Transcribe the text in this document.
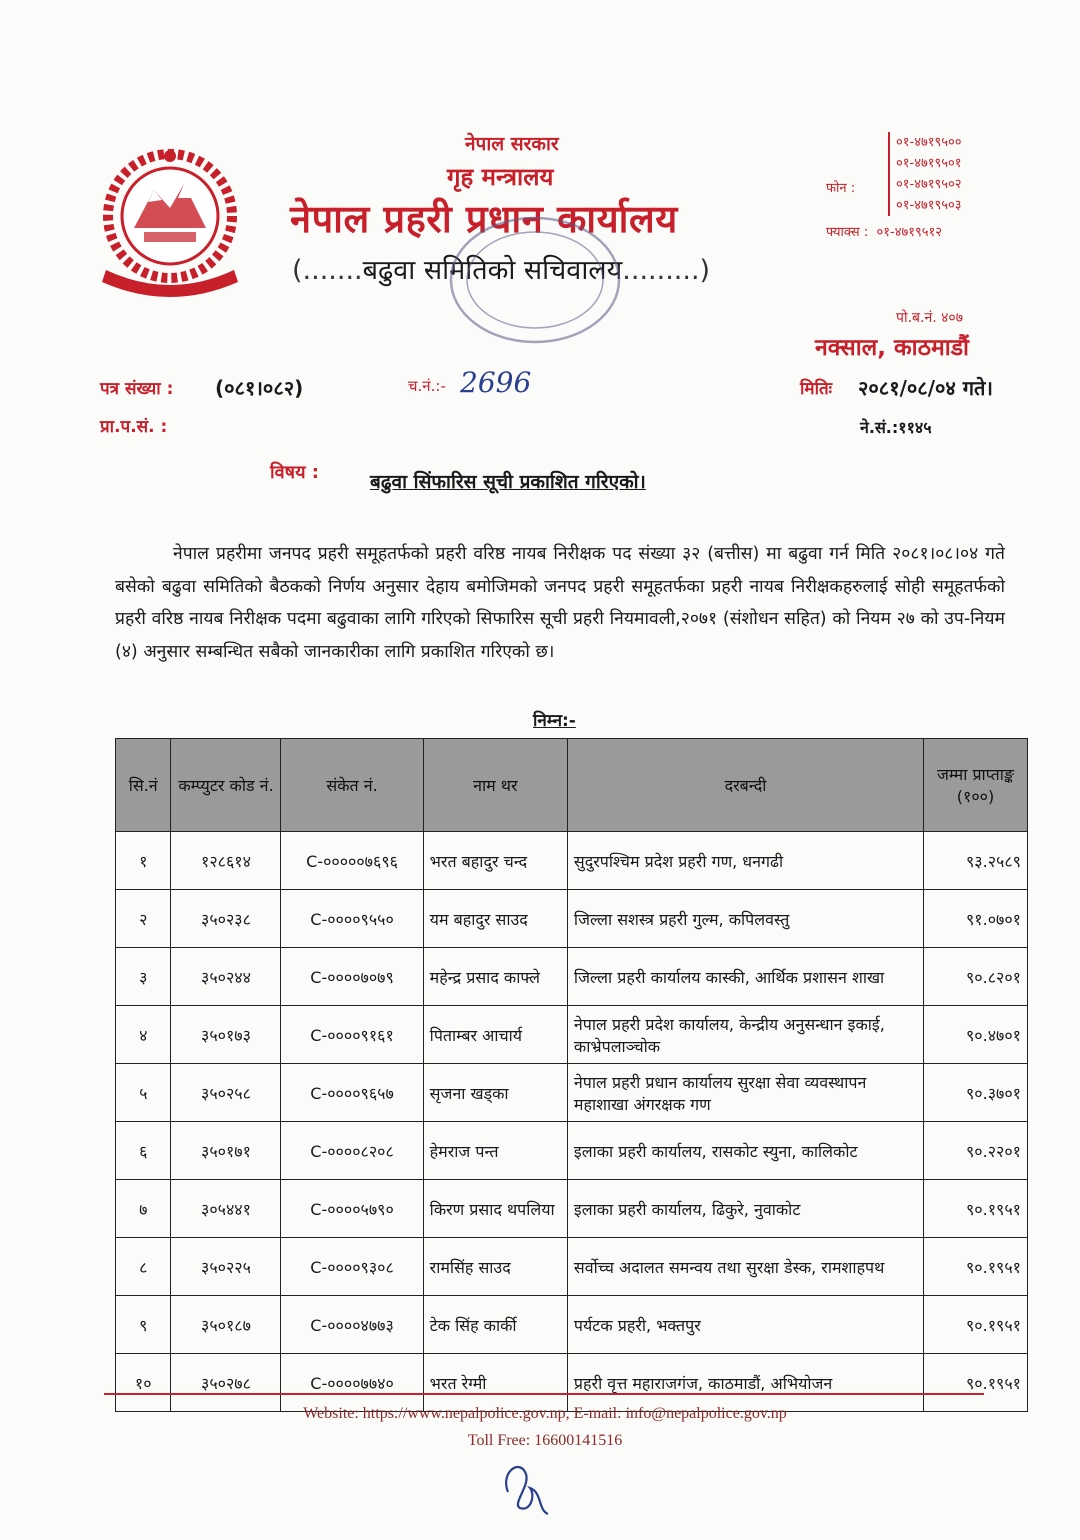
नेपाल सरकार
गृह मन्त्रालय
नेपाल प्रहरी प्रधान कार्यालय
(.......बढुवा समितिको सचिवालय.........)
फोन :
०१-४७१९५००
०१-४७१९५०१
०१-४७१९५०२
०१-४७१९५०३
फ्याक्स : ०१-४७१९५१२
पो.ब.नं. ४०७
नक्साल, काठमाडौं
पत्र संख्या : (०८१।०८२)	च.नं.:- 2696	मितिः २०८१/०८/०४ गते।
प्रा.प.सं. :	ने.सं.:११४५
विषय :	बढुवा सिंफारिस सूची प्रकाशित गरिएको।
नेपाल प्रहरीमा जनपद प्रहरी समूहतर्फको प्रहरी वरिष्ठ नायब निरीक्षक पद संख्या ३२ (बत्तीस) मा बढुवा गर्न मिति २०८१।०८।०४ गते बसेको बढुवा समितिको बैठकको निर्णय अनुसार देहाय बमोजिमको जनपद प्रहरी समूहतर्फका प्रहरी नायब निरीक्षकहरुलाई सोही समूहतर्फको प्रहरी वरिष्ठ नायब निरीक्षक पदमा बढुवाका लागि गरिएको सिफारिस सूची प्रहरी नियमावली,२०७१ (संशोधन सहित) को नियम २७ को उप-नियम (४) अनुसार सम्बन्धित सबैको जानकारीका लागि प्रकाशित गरिएको छ।
निम्न:-
सि.नं	कम्प्युटर कोड नं.	संकेत नं.	नाम थर	दरबन्दी	जम्मा प्राप्ताङ्क (१००)
१	१२८६१४	C-०००००७६९६	भरत बहादुर चन्द	सुदुरपश्चिम प्रदेश प्रहरी गण, धनगढी	९३.२५८९
२	३५०२३८	C-००००९५५०	यम बहादुर साउद	जिल्ला सशस्त्र प्रहरी गुल्म, कपिलवस्तु	९१.०७०१
३	३५०२४४	C-००००७०७९	महेन्द्र प्रसाद काफ्ले	जिल्ला प्रहरी कार्यालय कास्की, आर्थिक प्रशासन शाखा	९०.८२०१
४	३५०१७३	C-००००९१६१	पिताम्बर आचार्य	नेपाल प्रहरी प्रदेश कार्यालय, केन्द्रीय अनुसन्धान इकाई, काभ्रेपलाञ्चोक	९०.४७०१
५	३५०२५८	C-००००९६५७	सृजना खड्का	नेपाल प्रहरी प्रधान कार्यालय सुरक्षा सेवा व्यवस्थापन महाशाखा अंगरक्षक गण	९०.३७०१
६	३५०१७१	C-००००८२०८	हेमराज पन्त	इलाका प्रहरी कार्यालय, रासकोट स्युना, कालिकोट	९०.२२०१
७	३०५४४१	C-००००५७९०	किरण प्रसाद थपलिया	इलाका प्रहरी कार्यालय, ढिकुरे, नुवाकोट	९०.१९५१
८	३५०२२५	C-००००९३०८	रामसिंह साउद	सर्वोच्च अदालत समन्वय तथा सुरक्षा डेस्क, रामशाहपथ	९०.१९५१
९	३५०१८७	C-००००४७७३	टेक सिंह कार्की	पर्यटक प्रहरी, भक्तपुर	९०.१९५१
१०	३५०२७८	C-००००७७४०	भरत रेग्मी	प्रहरी वृत्त महाराजगंज, काठमाडौं, अभियोजन	९०.१९५१
Website: https://www.nepalpolice.gov.np, E-mail: info@nepalpolice.gov.np
Toll Free: 16600141516
